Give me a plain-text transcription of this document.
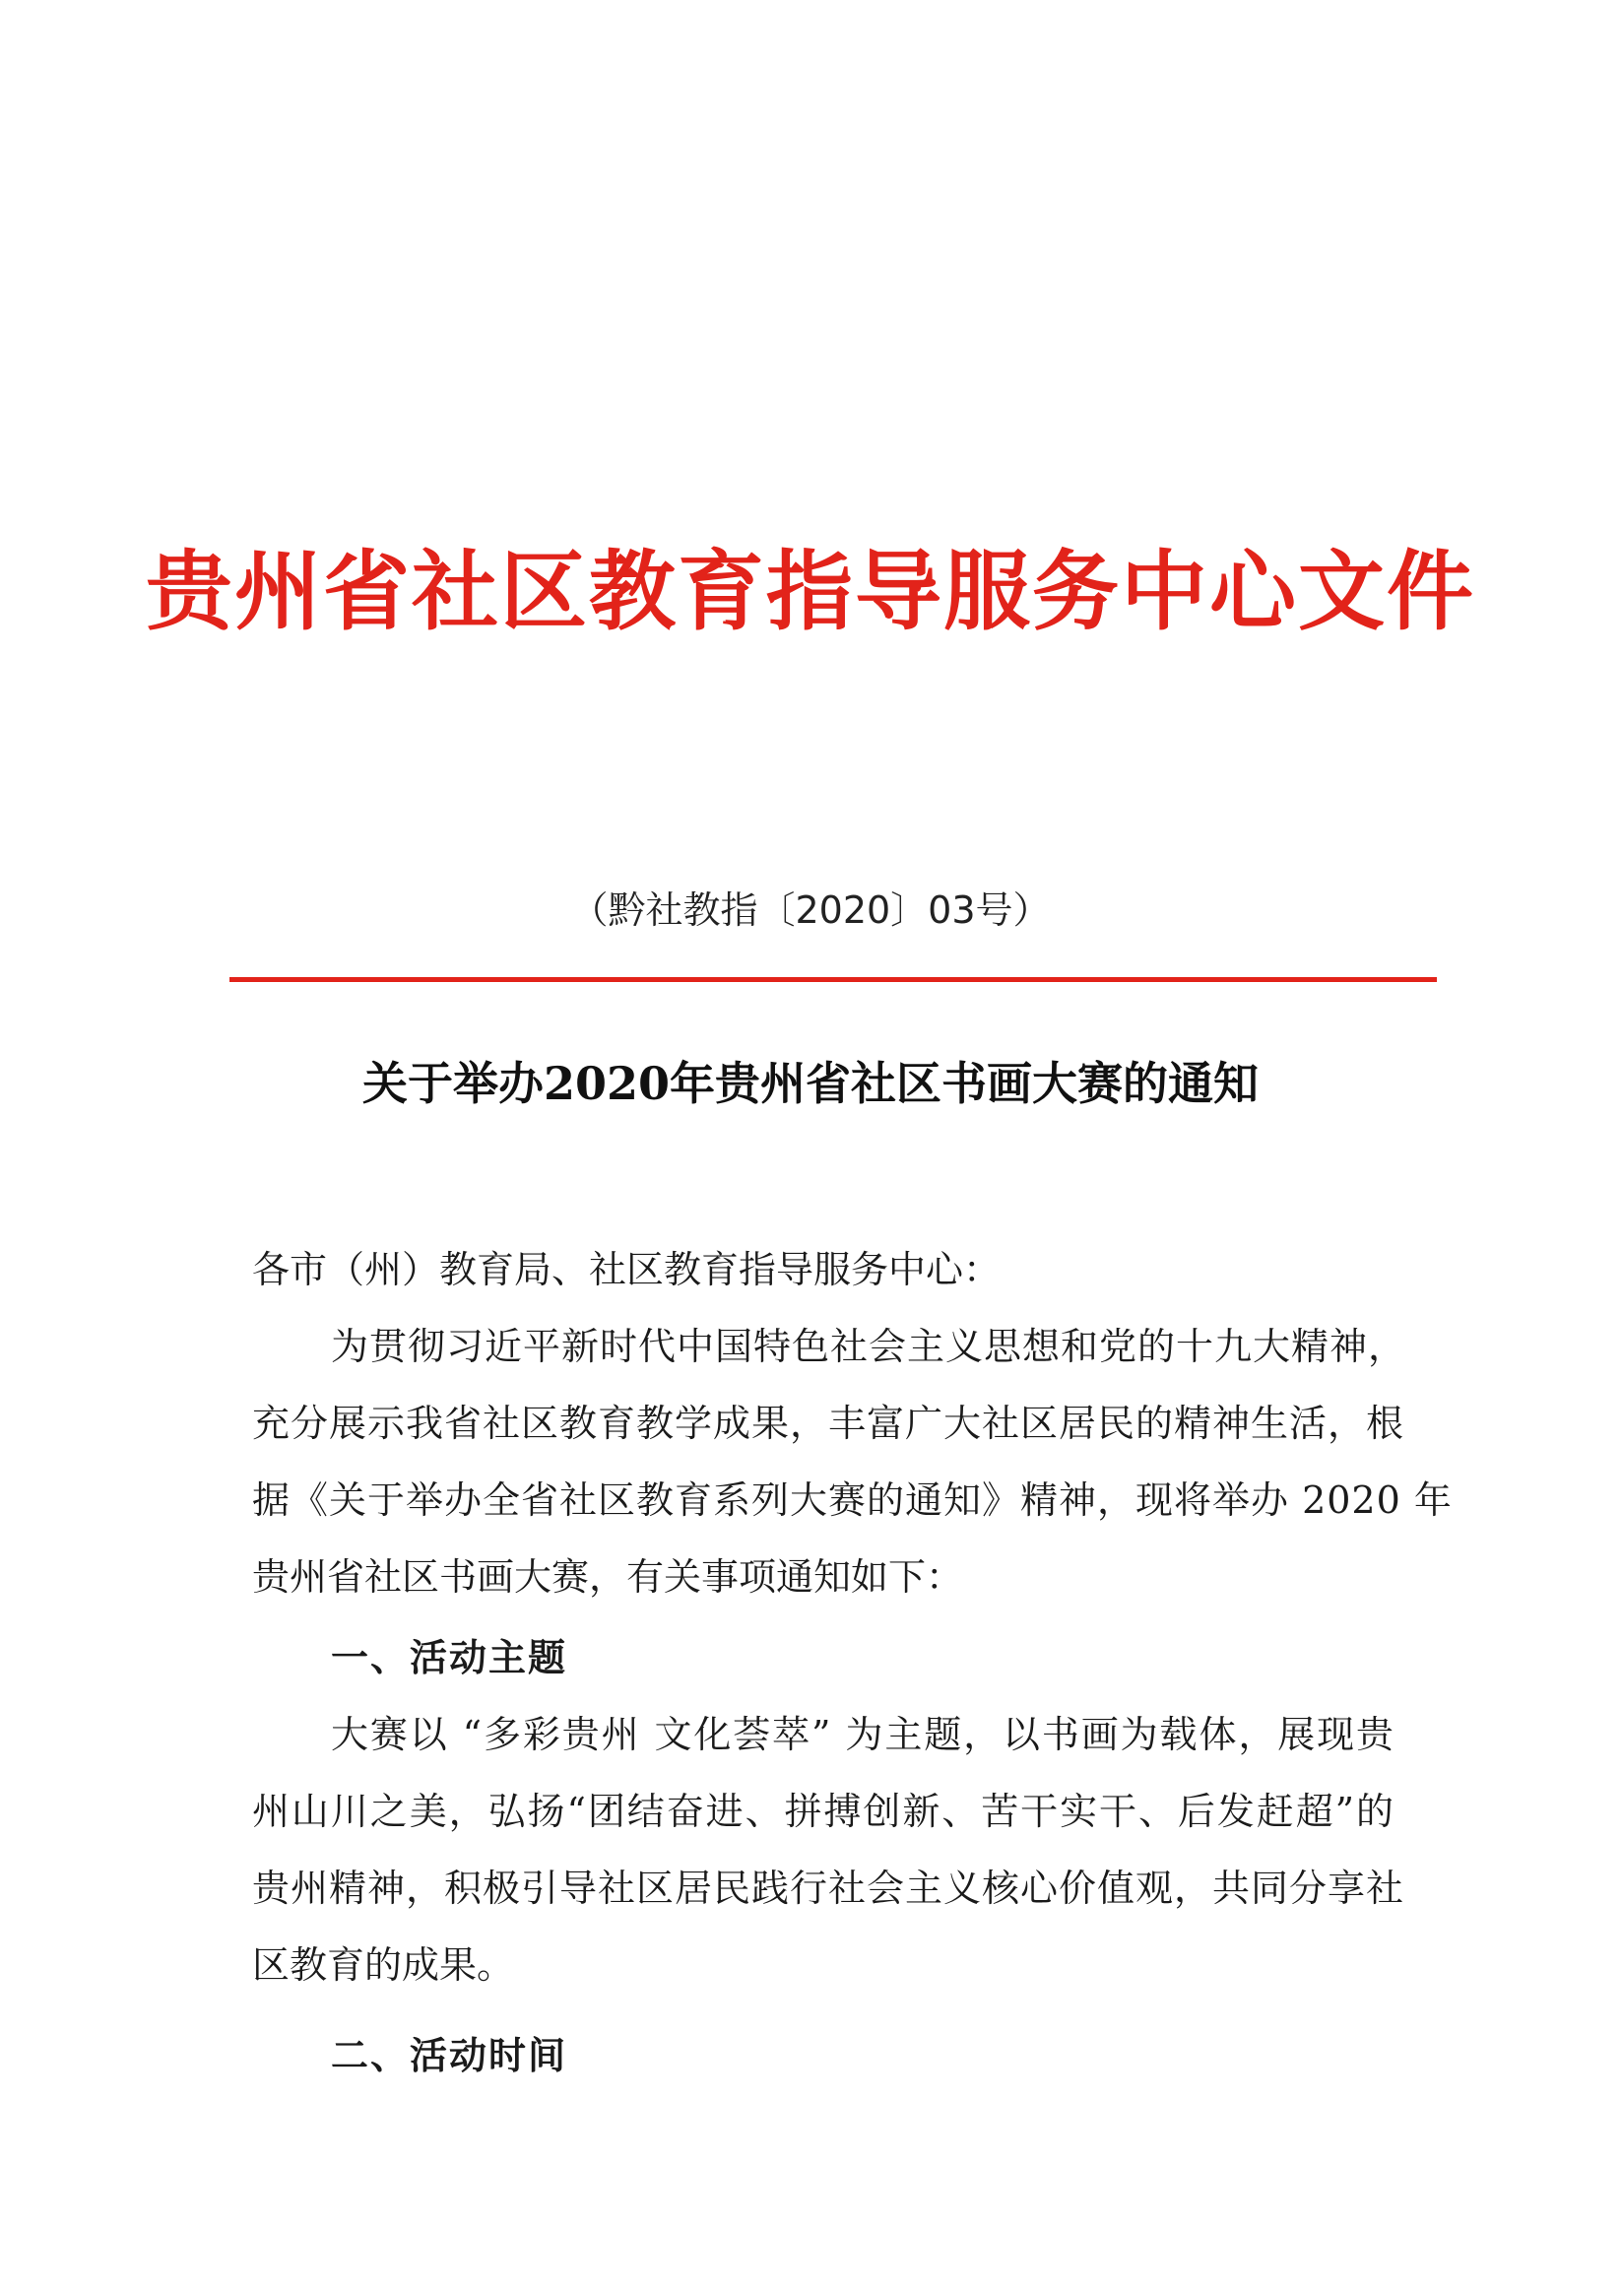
贵州省社区教育指导服务中心文件
（黔社教指〔2020〕03号）
关于举办2020年贵州省社区书画大赛的通知
各市（州）教育局、社区教育指导服务中心：
为贯彻习近平新时代中国特色社会主义思想和党的十九大精神，
充分展示我省社区教育教学成果，丰富广大社区居民的精神生活，根
据《关于举办全省社区教育系列大赛的通知》精神，现将举办 2020 年
贵州省社区书画大赛，有关事项通知如下：
一、活动主题
大赛以 “多彩贵州 文化荟萃” 为主题，以书画为载体，展现贵
州山川之美，弘扬“团结奋进、拼搏创新、苦干实干、后发赶超”的
贵州精神，积极引导社区居民践行社会主义核心价值观，共同分享社
区教育的成果。
二、活动时间
